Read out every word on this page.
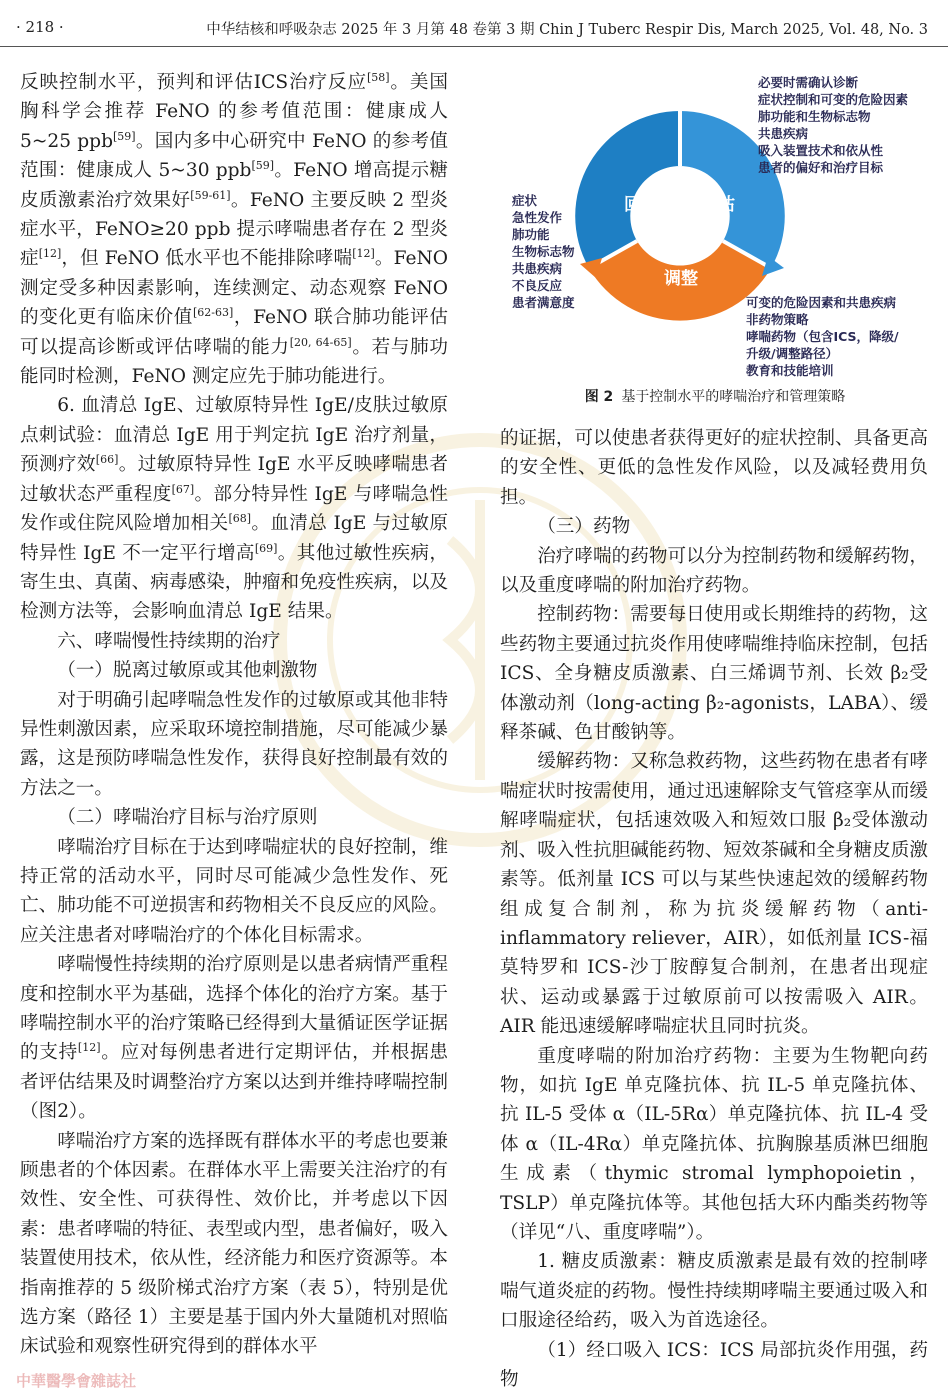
· 218 ·	中华结核和呼吸杂志 2025 年 3 月第 48 卷第 3 期 Chin J Tuberc Respir Dis, March 2025, Vol. 48, No. 3

反映控制水平，预判和评估ICS治疗反应[58]。美国胸科学会推荐 FeNO 的参考值范围：健康成人 5~25 ppb[59]。国内多中心研究中 FeNO 的参考值范围：健康成人 5~30 ppb[59]。FeNO 增高提示糖皮质激素治疗效果好[59-61]。FeNO 主要反映 2 型炎症水平，FeNO≥20 ppb 提示哮喘患者存在 2 型炎症[12]，但 FeNO 低水平也不能排除哮喘[12]。FeNO 测定受多种因素影响，连续测定、动态观察 FeNO 的变化更有临床价值[62-63]，FeNO 联合肺功能评估可以提高诊断或评估哮喘的能力[20, 64-65]。若与肺功能同时检测，FeNO 测定应先于肺功能进行。

6. 血清总 IgE、过敏原特异性 IgE/皮肤过敏原点刺试验：血清总 IgE 用于判定抗 IgE 治疗剂量，预测疗效[66]。过敏原特异性 IgE 水平反映哮喘患者过敏状态严重程度[67]。部分特异性 IgE 与哮喘急性发作或住院风险增加相关[68]。血清总 IgE 与过敏原特异性 IgE 不一定平行增高[69]。其他过敏性疾病，寄生虫、真菌、病毒感染，肿瘤和免疫性疾病，以及检测方法等，会影响血清总 IgE 结果。

六、哮喘慢性持续期的治疗

（一）脱离过敏原或其他刺激物

对于明确引起哮喘急性发作的过敏原或其他非特异性刺激因素，应采取环境控制措施，尽可能减少暴露，这是预防哮喘急性发作，获得良好控制最有效的方法之一。

（二）哮喘治疗目标与治疗原则

哮喘治疗目标在于达到哮喘症状的良好控制，维持正常的活动水平，同时尽可能减少急性发作、死亡、肺功能不可逆损害和药物相关不良反应的风险。应关注患者对哮喘治疗的个体化目标需求。

哮喘慢性持续期的治疗原则是以患者病情严重程度和控制水平为基础，选择个体化的治疗方案。基于哮喘控制水平的治疗策略已经得到大量循证医学证据的支持[12]。应对每例患者进行定期评估，并根据患者评估结果及时调整治疗方案以达到并维持哮喘控制（图2）。

哮喘治疗方案的选择既有群体水平的考虑也要兼顾患者的个体因素。在群体水平上需要关注治疗的有效性、安全性、可获得性、效价比，并考虑以下因素：患者哮喘的特征、表型或内型，患者偏好，吸入装置使用技术，依从性，经济能力和医疗资源等。本指南推荐的 5 级阶梯式治疗方案（表 5），特别是优选方案（路径 1）主要是基于国内外大量随机对照临床试验和观察性研究得到的群体水平

回顾	评估
调整
必要时需确认诊断
症状控制和可变的危险因素
肺功能和生物标志物
共患疾病
吸入装置技术和依从性
患者的偏好和治疗目标
症状
急性发作
肺功能
生物标志物
共患疾病
不良反应
患者满意度	可变的危险因素和共患疾病
非药物策略
哮喘药物（包含ICS，降级/
升级/调整路径）
教育和技能培训
图 2 基于控制水平的哮喘治疗和管理策略

的证据，可以使患者获得更好的症状控制、具备更高的安全性、更低的急性发作风险，以及减轻费用负担。

（三）药物

治疗哮喘的药物可以分为控制药物和缓解药物，以及重度哮喘的附加治疗药物。

控制药物：需要每日使用或长期维持的药物，这些药物主要通过抗炎作用使哮喘维持临床控制，包括 ICS、全身糖皮质激素、白三烯调节剂、长效 β₂受体激动剂（long-acting β₂-agonists，LABA）、缓释茶碱、色甘酸钠等。

缓解药物：又称急救药物，这些药物在患者有哮喘症状时按需使用，通过迅速解除支气管痉挛从而缓解哮喘症状，包括速效吸入和短效口服 β₂受体激动剂、吸入性抗胆碱能药物、短效茶碱和全身糖皮质激素等。低剂量 ICS 可以与某些快速起效的缓解药物组成复合制剂，称为抗炎缓解药物（anti-inflammatory reliever，AIR），如低剂量 ICS-福莫特罗和 ICS-沙丁胺醇复合制剂，在患者出现症状、运动或暴露于过敏原前可以按需吸入 AIR。AIR 能迅速缓解哮喘症状且同时抗炎。

重度哮喘的附加治疗药物：主要为生物靶向药物，如抗 IgE 单克隆抗体、抗 IL-5 单克隆抗体、抗 IL-5 受体 α（IL-5Rα）单克隆抗体、抗 IL-4 受体 α（IL-4Rα）单克隆抗体、抗胸腺基质淋巴细胞生成素（thymic stromal lymphopoietin，TSLP）单克隆抗体等。其他包括大环内酯类药物等（详见“八、重度哮喘”）。

1. 糖皮质激素：糖皮质激素是最有效的控制哮喘气道炎症的药物。慢性持续期哮喘主要通过吸入和口服途径给药，吸入为首选途径。

（1）经口吸入 ICS：ICS 局部抗炎作用强，药物

中華醫學會雜誌社
